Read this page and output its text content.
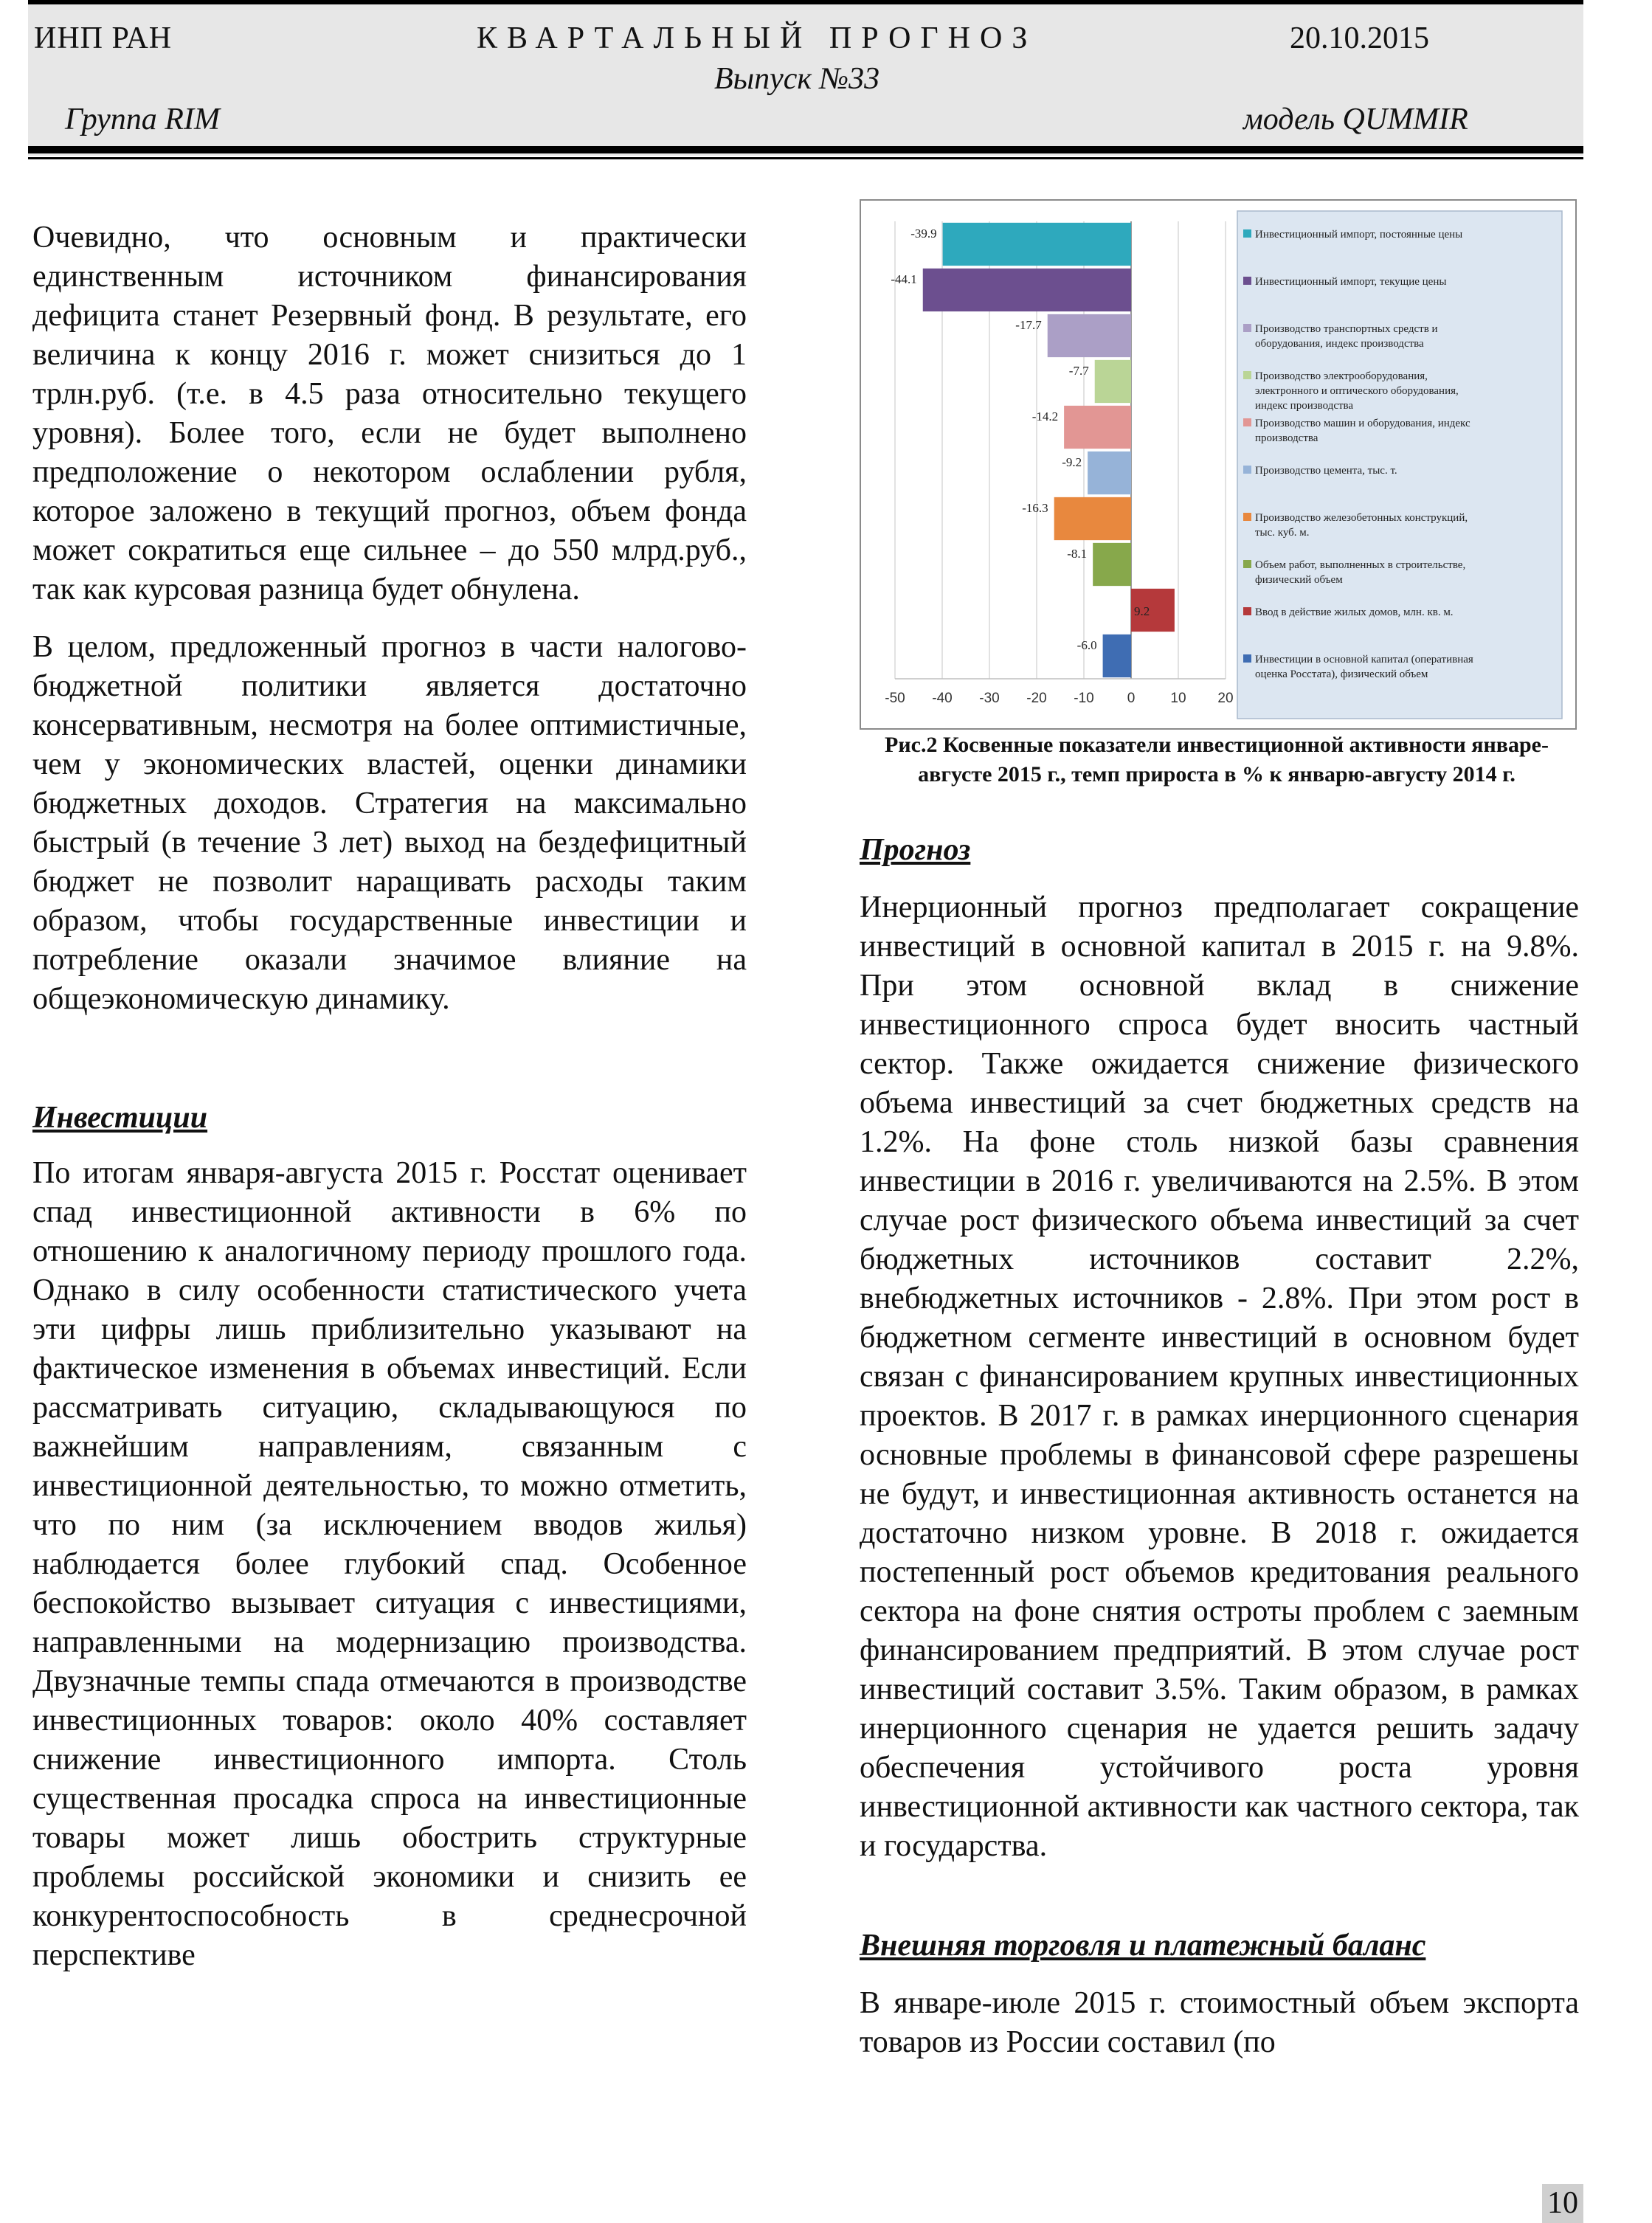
ИНП РАН	КВАРТАЛЬНЫЙ ПРОГНОЗ	20.10.2015
Выпуск №33
Группа RIM	модель QUMMIR

Очевидно, что основным и практически единственным источником финансирования дефицита станет Резервный фонд. В результате, его величина к концу 2016 г. может снизиться до 1 трлн.руб. (т.е. в 4.5 раза относительно текущего уровня). Более того, если не будет выполнено предположение о некотором ослаблении рубля, которое заложено в текущий прогноз, объем фонда может сократиться еще сильнее – до 550 млрд.руб., так как курсовая разница будет обнулена.

В целом, предложенный прогноз в части налогово-бюджетной политики является достаточно консервативным, несмотря на более оптимистичные, чем у экономических властей, оценки динамики бюджетных доходов. Стратегия на максимально быстрый (в течение 3 лет) выход на бездефицитный бюджет не позволит наращивать расходы таким образом, чтобы государственные инвестиции и потребление оказали значимое влияние на общеэкономическую динамику.

Инвестиции

По итогам января-августа 2015 г. Росстат оценивает спад инвестиционной активности в 6% по отношению к аналогичному периоду прошлого года. Однако в силу особенности статистического учета эти цифры лишь приблизительно указывают на фактическое изменения в объемах инвестиций. Если рассматривать ситуацию, складывающуюся по важнейшим направлениям, связанным с инвестиционной деятельностью, то можно отметить, что по ним (за исключением вводов жилья) наблюдается более глубокий спад. Особенное беспокойство вызывает ситуация с инвестициями, направленными на модернизацию производства. Двузначные темпы спада отмечаются в производстве инвестиционных товаров: около 40% составляет снижение инвестиционного импорта. Столь существенная просадка спроса на инвестиционные товары может лишь обострить структурные проблемы российской экономики и снизить ее конкурентоспособность в среднесрочной перспективе

-39.9
-44.1
-17.7
-7.7
-14.2
-9.2
-16.3
-8.1
9.2
-6.0
-50 -40 -30 -20 -10 0	10 20
Инвестиционный импорт, постоянные цены
Инвестиционный импорт, текущие цены
Производство транспортных средств и оборудования, индекс производства
Производство электрооборудования, электронного и оптического оборудования, индекс производства
Производство машин и оборудования, индекс производства
Производство цемента, тыс. т.
Производство железобетонных конструкций, тыс. куб. м.
Объем работ, выполненных в строительстве, физический объем
Ввод в действие жилых домов, млн. кв. м.
Инвестиции в основной капитал (оперативная оценка Росстата), физический объем
Рис.2 Косвенные показатели инвестиционной активности январе-августе 2015 г., темп прироста в % к январю-августу 2014 г.

Прогноз

Инерционный прогноз предполагает сокращение инвестиций в основной капитал в 2015 г. на 9.8%. При этом основной вклад в снижение инвестиционного спроса будет вносить частный сектор. Также ожидается снижение физического объема инвестиций за счет бюджетных средств на 1.2%. На фоне столь низкой базы сравнения инвестиции в 2016 г. увеличиваются на 2.5%. В этом случае рост физического объема инвестиций за счет бюджетных источников составит 2.2%, внебюджетных источников - 2.8%. При этом рост в бюджетном сегменте инвестиций в основном будет связан с финансированием крупных инвестиционных проектов. В 2017 г. в рамках инерционного сценария основные проблемы в финансовой сфере разрешены не будут, и инвестиционная активность останется на достаточно низком уровне. В 2018 г. ожидается постепенный рост объемов кредитования реального сектора на фоне снятия остроты проблем с заемным финансированием предприятий. В этом случае рост инвестиций составит 3.5%. Таким образом, в рамках инерционного сценария не удается решить задачу обеспечения устойчивого роста уровня инвестиционной активности как частного сектора, так и государства.

Внешняя торговля и платежный баланс

В январе-июле 2015 г. стоимостный объем экспорта товаров из России составил (по

10
